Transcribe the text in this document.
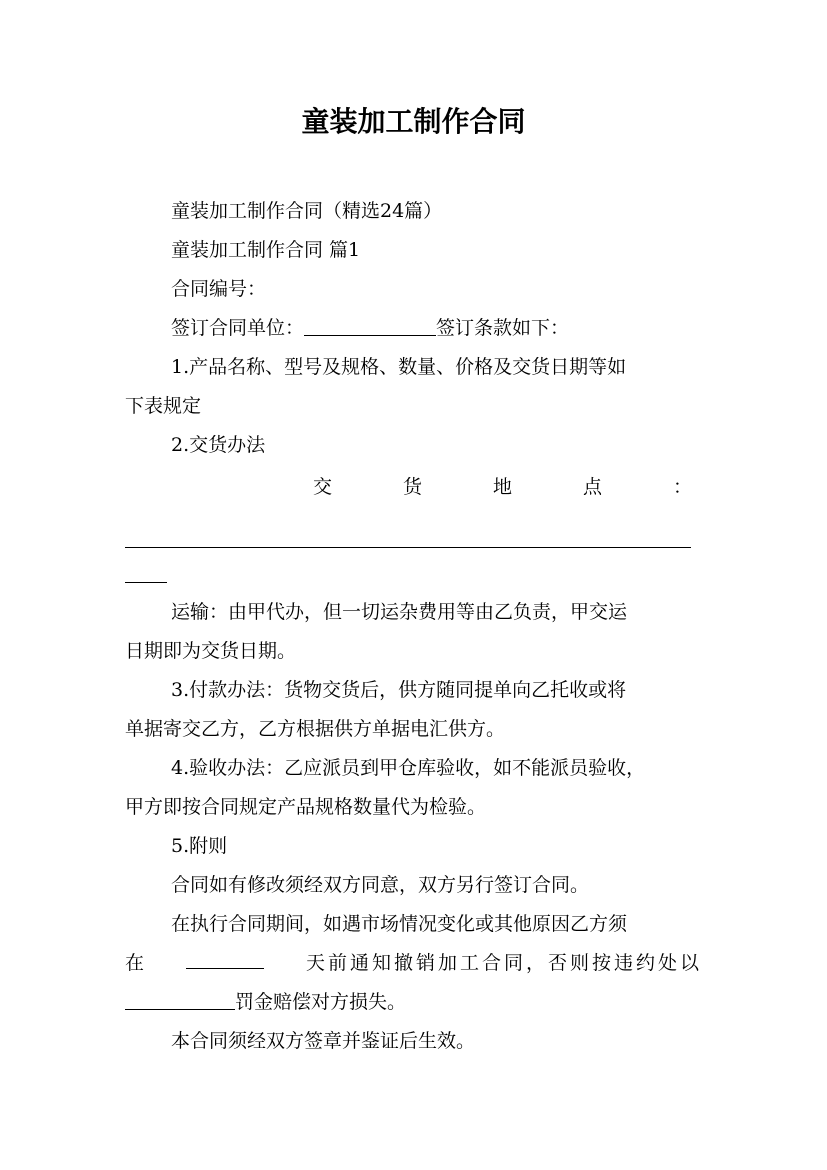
童装加工制作合同

童装加工制作合同（精选24篇）

童装加工制作合同 篇1

合同编号：

签订合同单位：	签订条款如下：

1.产品名称、型号及规格、数量、价格及交货日期等如

下表规定

2.交货办法

交	货	地	点	：

运输：由甲代办，但一切运杂费用等由乙负责，甲交运

日期即为交货日期。

3.付款办法：货物交货后，供方随同提单向乙托收或将

单据寄交乙方，乙方根据供方单据电汇供方。

4.验收办法：乙应派员到甲仓库验收，如不能派员验收，

甲方即按合同规定产品规格数量代为检验。

5.附则

合同如有修改须经双方同意，双方另行签订合同。

在执行合同期间，如遇市场情况变化或其他原因乙方须

在	天前通知撤销加工合同，否则按违约处以

罚金赔偿对方损失。

本合同须经双方签章并鉴证后生效。
